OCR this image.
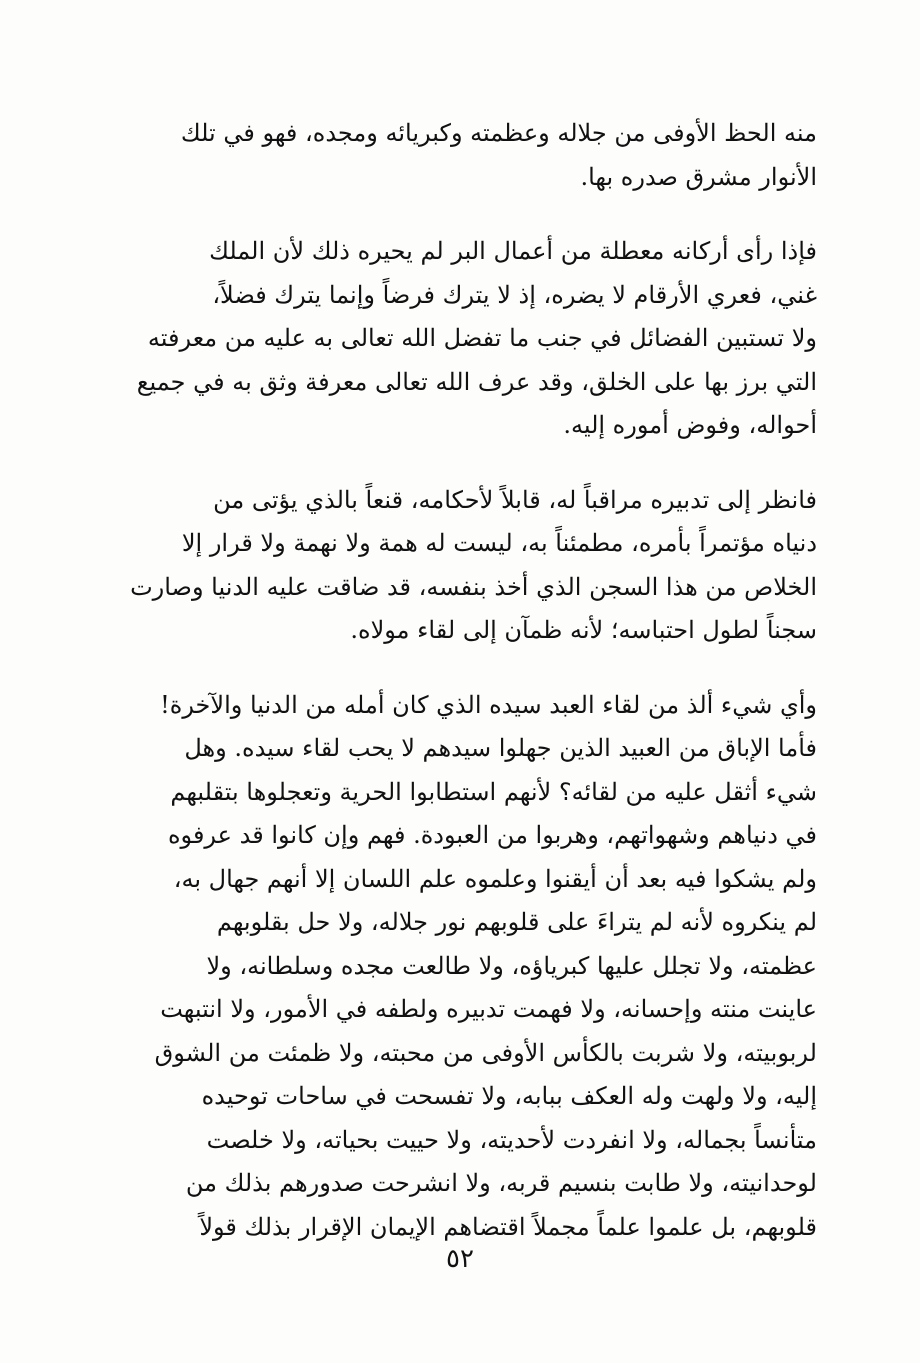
منه الحظ الأوفى من جلاله وعظمته وكبريائه ومجده، فهو في تلك
الأنوار مشرق صدره بها.

فإذا رأى أركانه معطلة من أعمال البر لم يحيره ذلك لأن الملك
غني، فعري الأرقام لا يضره، إذ لا يترك فرضاً وإنما يترك فضلاً،
ولا تستبين الفضائل في جنب ما تفضل الله تعالى به عليه من معرفته
التي برز بها على الخلق، وقد عرف الله تعالى معرفة وثق به في جميع
أحواله، وفوض أموره إليه.

فانظر إلى تدبيره مراقباً له، قابلاً لأحكامه، قنعاً بالذي يؤتى من
دنياه مؤتمراً بأمره، مطمئناً به، ليست له همة ولا نهمة ولا قرار إلا
الخلاص من هذا السجن الذي أخذ بنفسه، قد ضاقت عليه الدنيا وصارت
سجناً لطول احتباسه؛ لأنه ظمآن إلى لقاء مولاه.

وأي شيء ألذ من لقاء العبد سيده الذي كان أمله من الدنيا والآخرة!
فأما الإباق من العبيد الذين جهلوا سيدهم لا يحب لقاء سيده. وهل
شيء أثقل عليه من لقائه؟ لأنهم استطابوا الحرية وتعجلوها بتقلبهم
في دنياهم وشهواتهم، وهربوا من العبودة. فهم وإن كانوا قد عرفوه
ولم يشكوا فيه بعد أن أيقنوا وعلموه علم اللسان إلا أنهم جهال به،
لم ينكروه لأنه لم يتراءَ على قلوبهم نور جلاله، ولا حل بقلوبهم
عظمته، ولا تجلل عليها كبرياؤه، ولا طالعت مجده وسلطانه، ولا
عاينت منته وإحسانه، ولا فهمت تدبيره ولطفه في الأمور، ولا انتبهت
لربوبيته، ولا شربت بالكأس الأوفى من محبته، ولا ظمئت من الشوق
إليه، ولا ولهت وله العكف ببابه، ولا تفسحت في ساحات توحيده
متأنساً بجماله، ولا انفردت لأحديته، ولا حييت بحياته، ولا خلصت
لوحدانيته، ولا طابت بنسيم قربه، ولا انشرحت صدورهم بذلك من
قلوبهم، بل علموا علماً مجملاً اقتضاهم الإيمان الإقرار بذلك قولاً

٥٢
